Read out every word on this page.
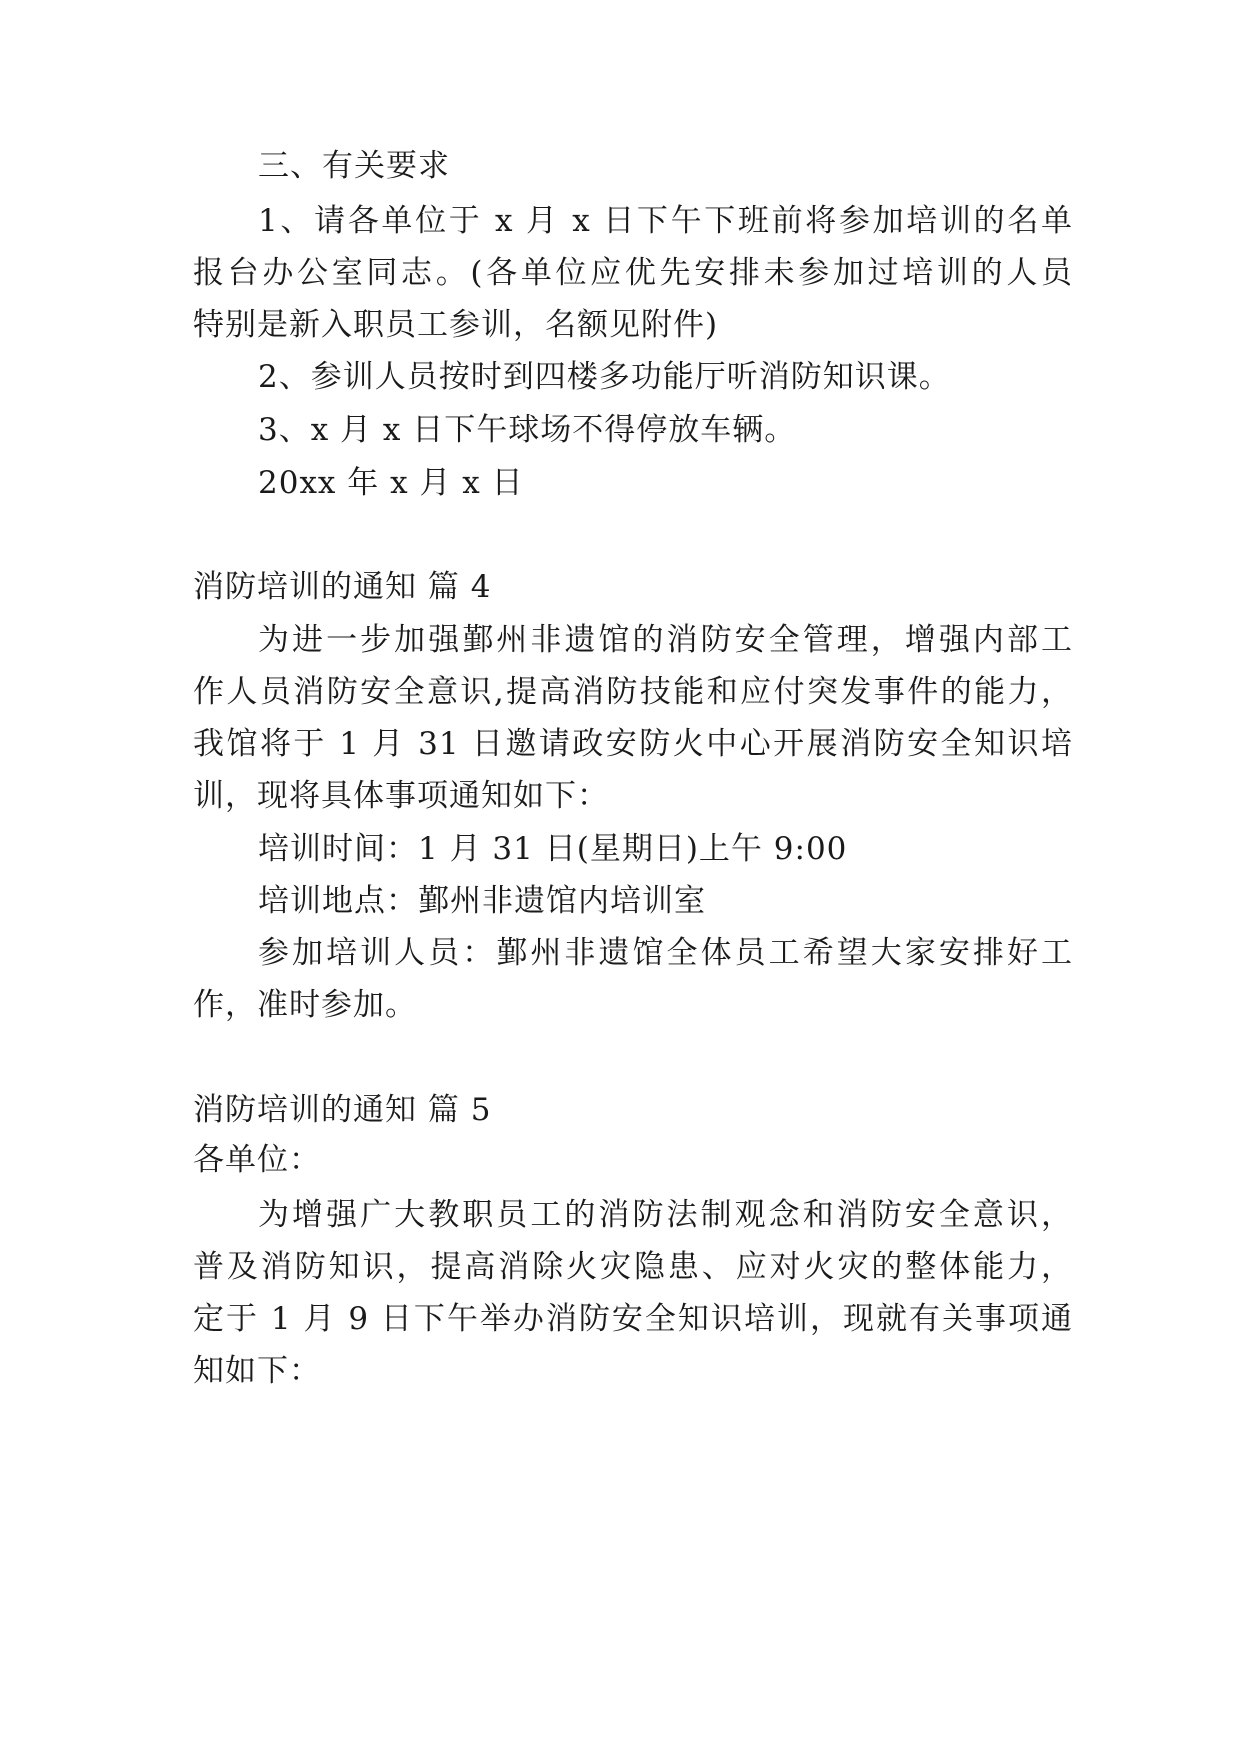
三、有关要求
1、请各单位于 x 月 x 日下午下班前将参加培训的名单
报台办公室同志。(各单位应优先安排未参加过培训的人员
特别是新入职员工参训，名额见附件)
2、参训人员按时到四楼多功能厅听消防知识课。
3、x 月 x 日下午球场不得停放车辆。
20xx 年 x 月 x 日
消防培训的通知 篇 4
为进一步加强鄞州非遗馆的消防安全管理，增强内部工
作人员消防安全意识,提高消防技能和应付突发事件的能力，
我馆将于 1 月 31 日邀请政安防火中心开展消防安全知识培
训，现将具体事项通知如下：
培训时间：1 月 31 日(星期日)上午 9:00
培训地点：鄞州非遗馆内培训室
参加培训人员：鄞州非遗馆全体员工希望大家安排好工
作，准时参加。
消防培训的通知 篇 5
各单位：
为增强广大教职员工的消防法制观念和消防安全意识，
普及消防知识，提高消除火灾隐患、应对火灾的整体能力，
定于 1 月 9 日下午举办消防安全知识培训，现就有关事项通
知如下：
